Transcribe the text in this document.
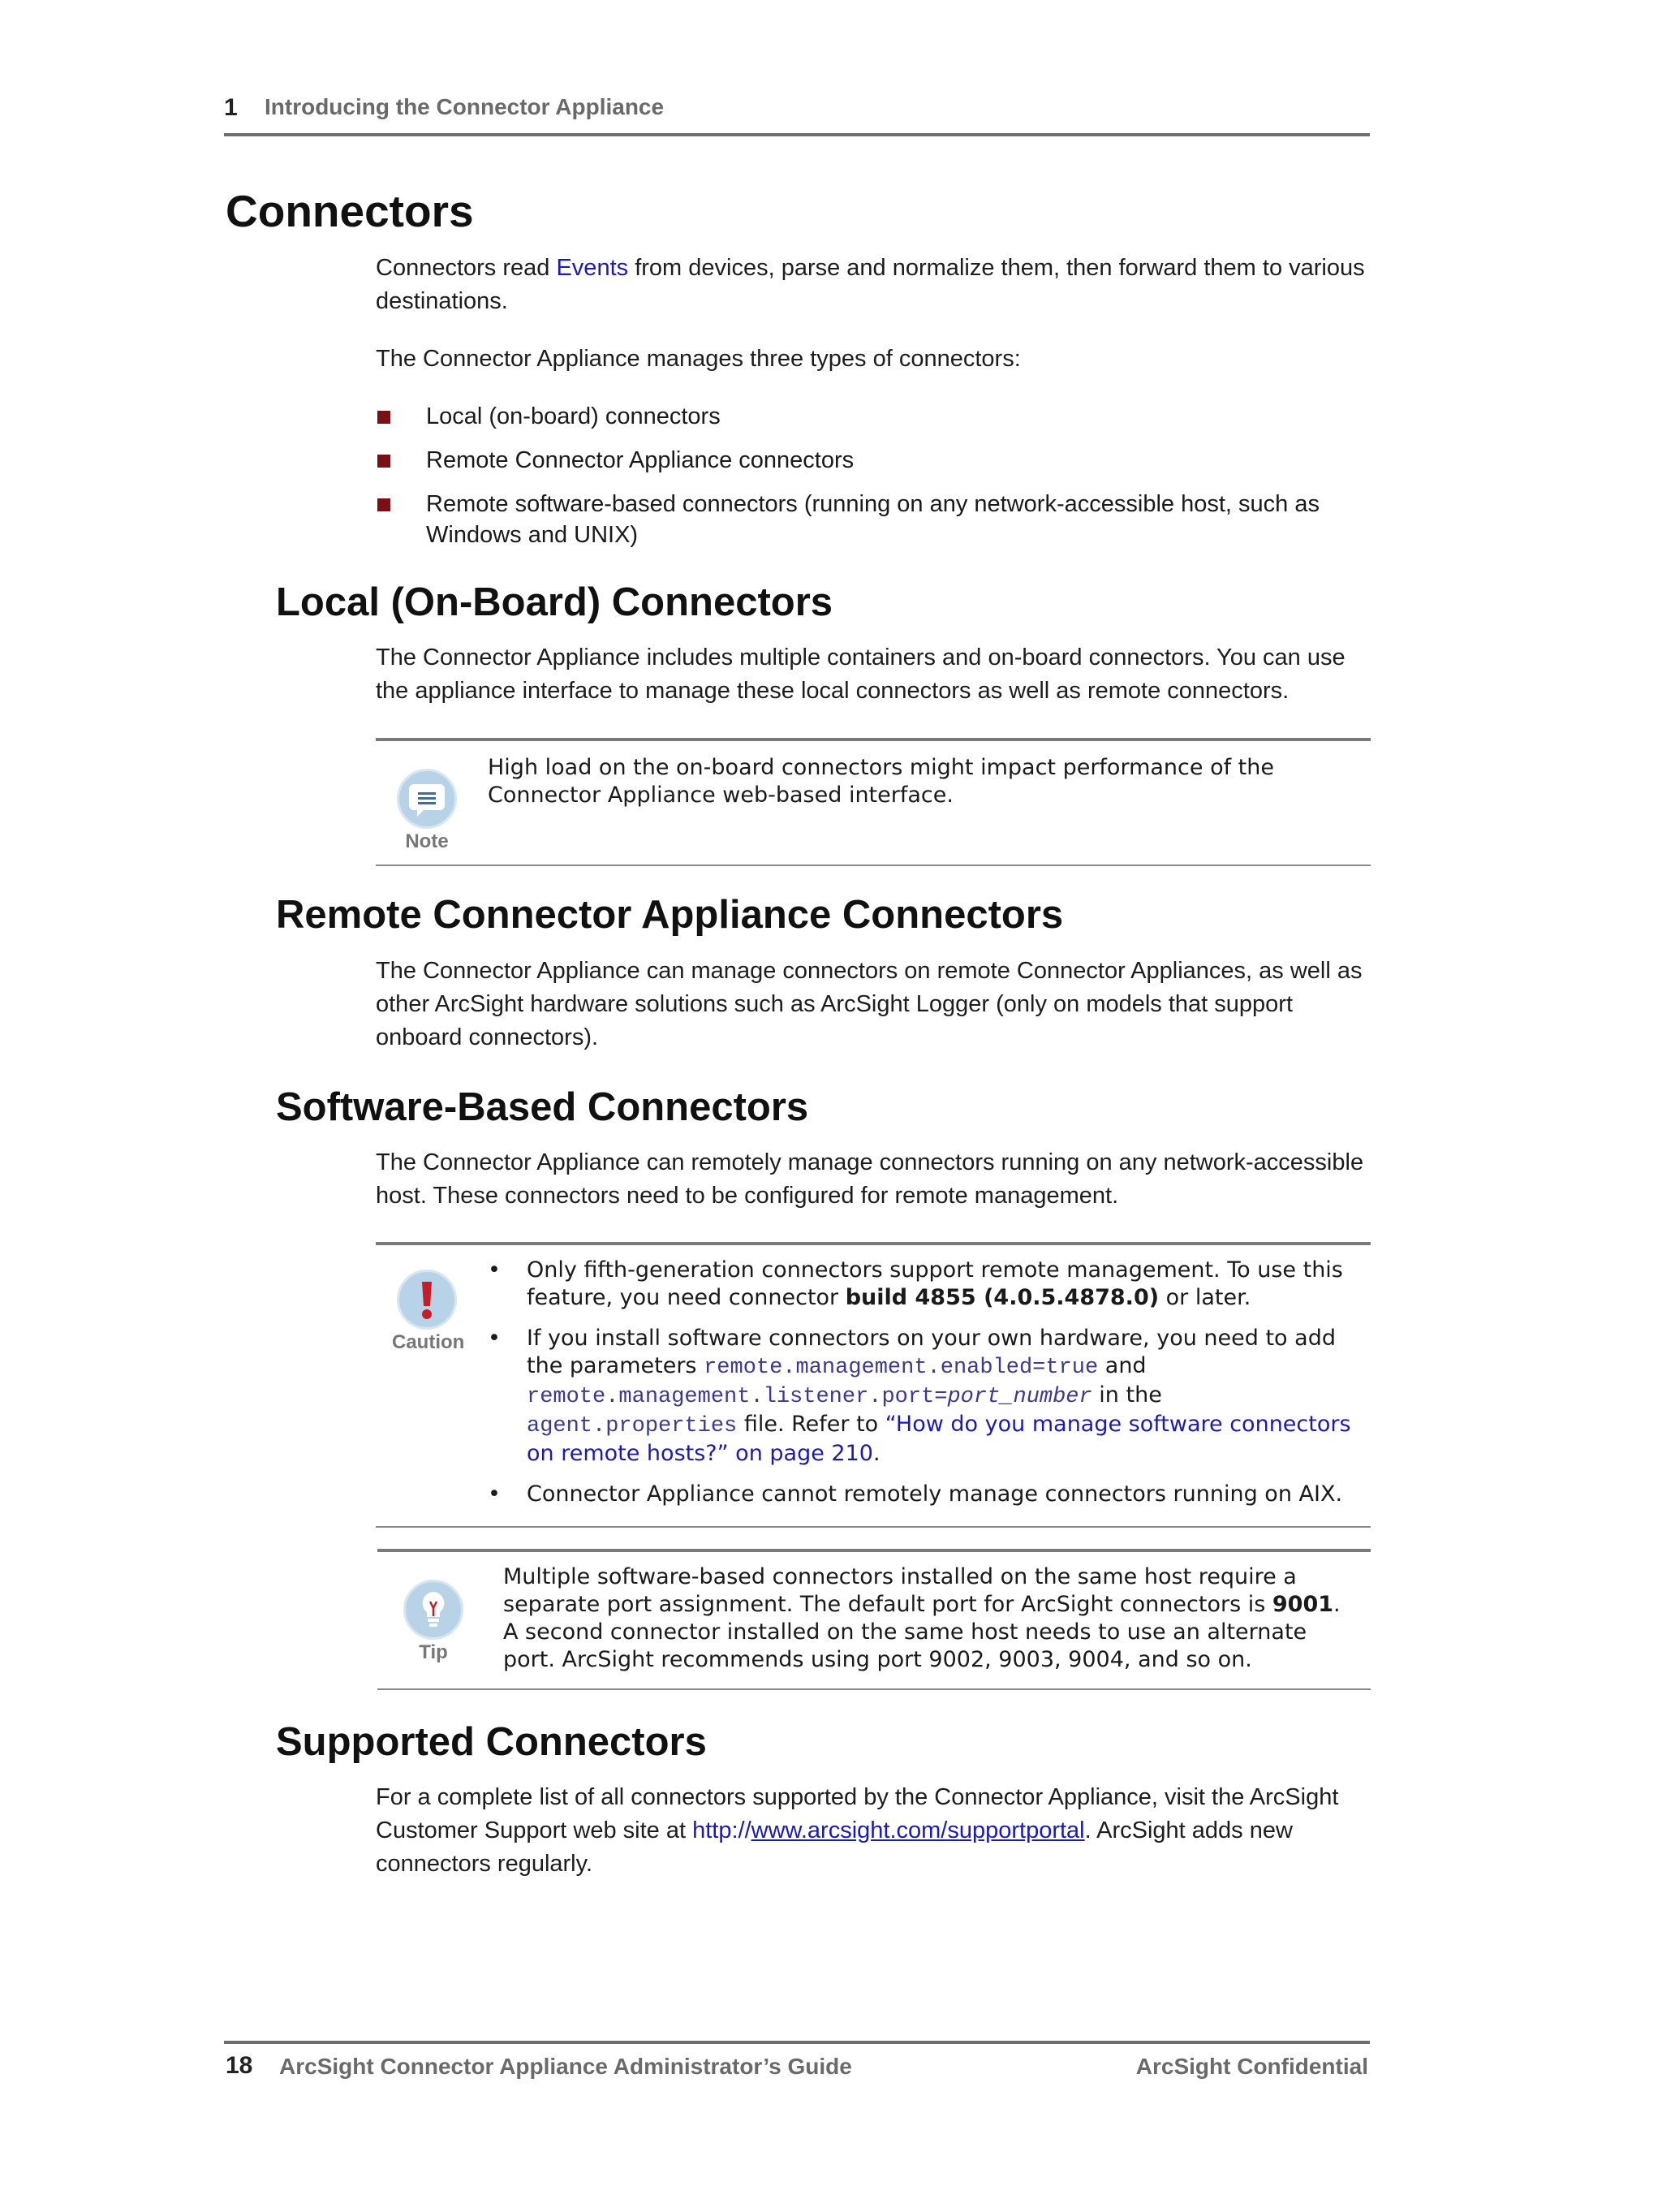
1 Introducing the Connector Appliance
Connectors

Connectors read Events from devices, parse and normalize them, then forward them to various destinations.

The Connector Appliance manages three types of connectors:

Local (on-board) connectors
Remote Connector Appliance connectors
Remote software-based connectors (running on any network-accessible host, such as Windows and UNIX)
Local (On-Board) Connectors

The Connector Appliance includes multiple containers and on-board connectors. You can use the appliance interface to manage these local connectors as well as remote connectors.

Note

High load on the on-board connectors might impact performance of the Connector Appliance web-based interface.

Remote Connector Appliance Connectors

The Connector Appliance can manage connectors on remote Connector Appliances, as well as other ArcSight hardware solutions such as ArcSight Logger (only on models that support onboard connectors).

Software-Based Connectors

The Connector Appliance can remotely manage connectors running on any network-accessible host. These connectors need to be configured for remote management.

Caution
• Only fifth-generation connectors support remote management. To use this feature, you need connector build 4855 (4.0.5.4878.0) or later.
• If you install software connectors on your own hardware, you need to add the parameters remote.management.enabled=true and remote.management.listener.port=port_number in the agent.properties file. Refer to “How do you manage software connectors on remote hosts?” on page 210.
• Connector Appliance cannot remotely manage connectors running on AIX.
Tip

Multiple software-based connectors installed on the same host require a separate port assignment. The default port for ArcSight connectors is 9001. A second connector installed on the same host needs to use an alternate port. ArcSight recommends using port 9002, 9003, 9004, and so on.

Supported Connectors

For a complete list of all connectors supported by the Connector Appliance, visit the ArcSight Customer Support web site at http://www.arcsight.com/supportportal. ArcSight adds new connectors regularly.

18 ArcSight Connector Appliance Administrator’s Guide	ArcSight Confidential
